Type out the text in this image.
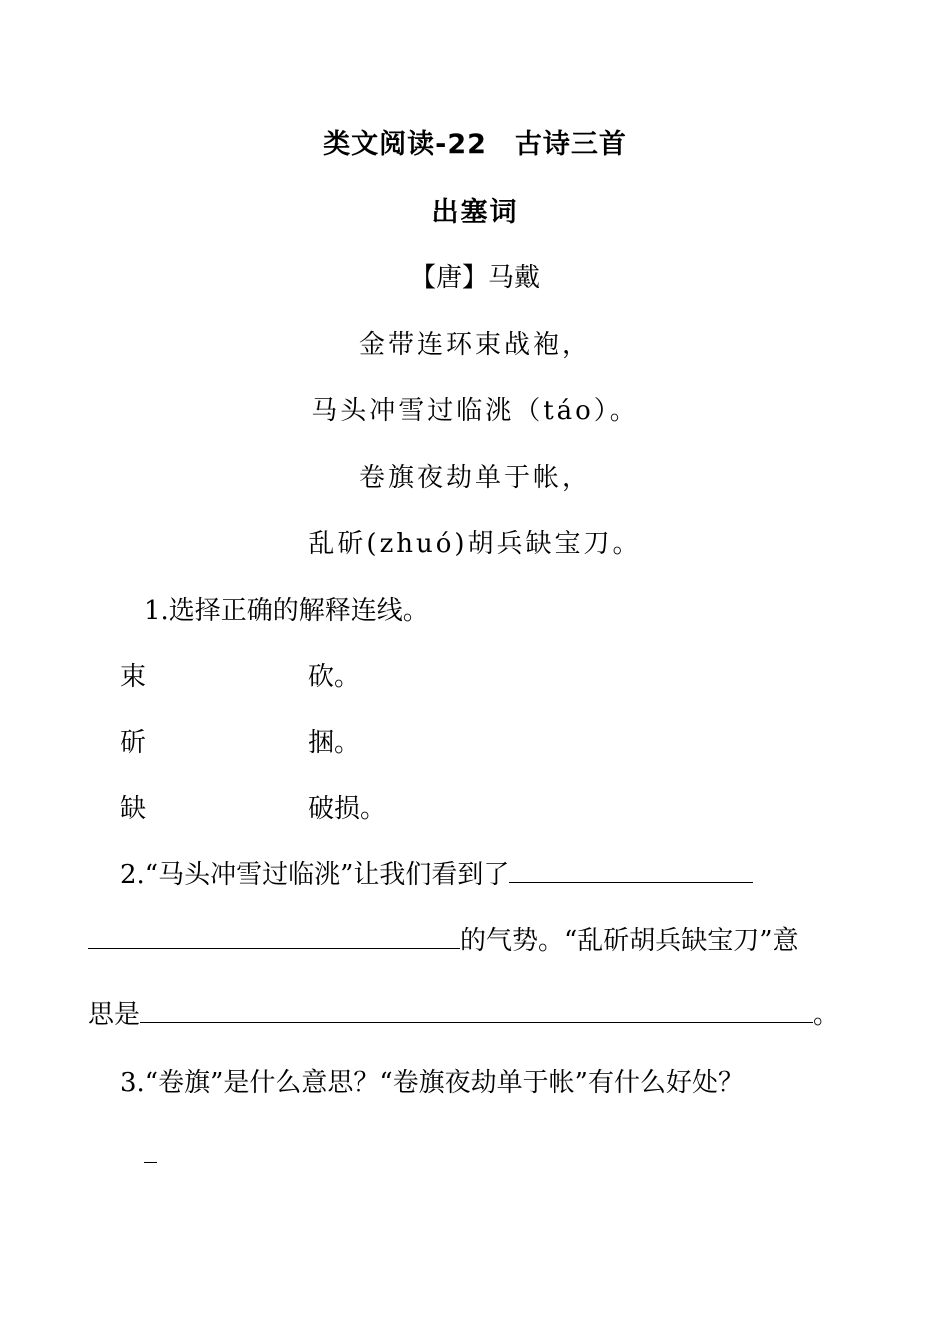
类文阅读-22　古诗三首
出塞词
【唐】马戴
金带连环束战袍，
马头冲雪过临洮（táo）。
卷旗夜劫单于帐，
乱斫(zhuó)胡兵缺宝刀。
1.选择正确的解释连线。
束	砍。
斫	捆。
缺	破损。
2.“马头冲雪过临洮”让我们看到了
的气势。“乱斫胡兵缺宝刀”意
思是	。
3.“卷旗”是什么意思？“卷旗夜劫单于帐”有什么好处？
_
